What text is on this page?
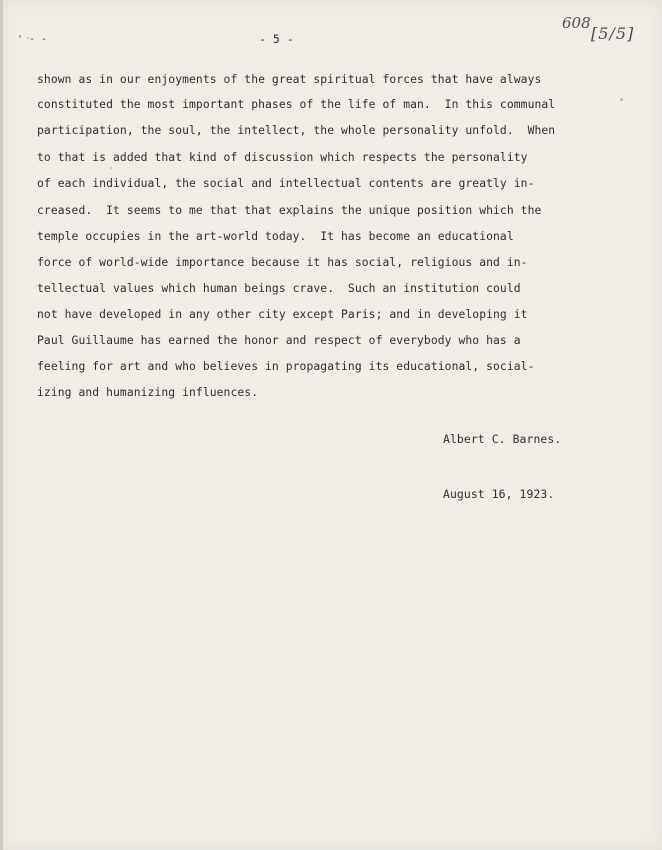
' - -	- 5 -
608
[5/5]
shown as in our enjoyments of the great spiritual forces that have always
constituted the most important phases of the life of man.  In this communal
participation, the soul, the intellect, the whole personality unfold.  When
to that is added that kind of discussion which respects the personality
of each individual, the social and intellectual contents are greatly in-
creased.  It seems to me that that explains the unique position which the
temple occupies in the art-world today.  It has become an educational
force of world-wide importance because it has social, religious and in-
tellectual values which human beings crave.  Such an institution could
not have developed in any other city except Paris; and in developing it
Paul Guillaume has earned the honor and respect of everybody who has a
feeling for art and who believes in propagating its educational, social-
izing and humanizing influences.
Albert C. Barnes.
August 16, 1923.
